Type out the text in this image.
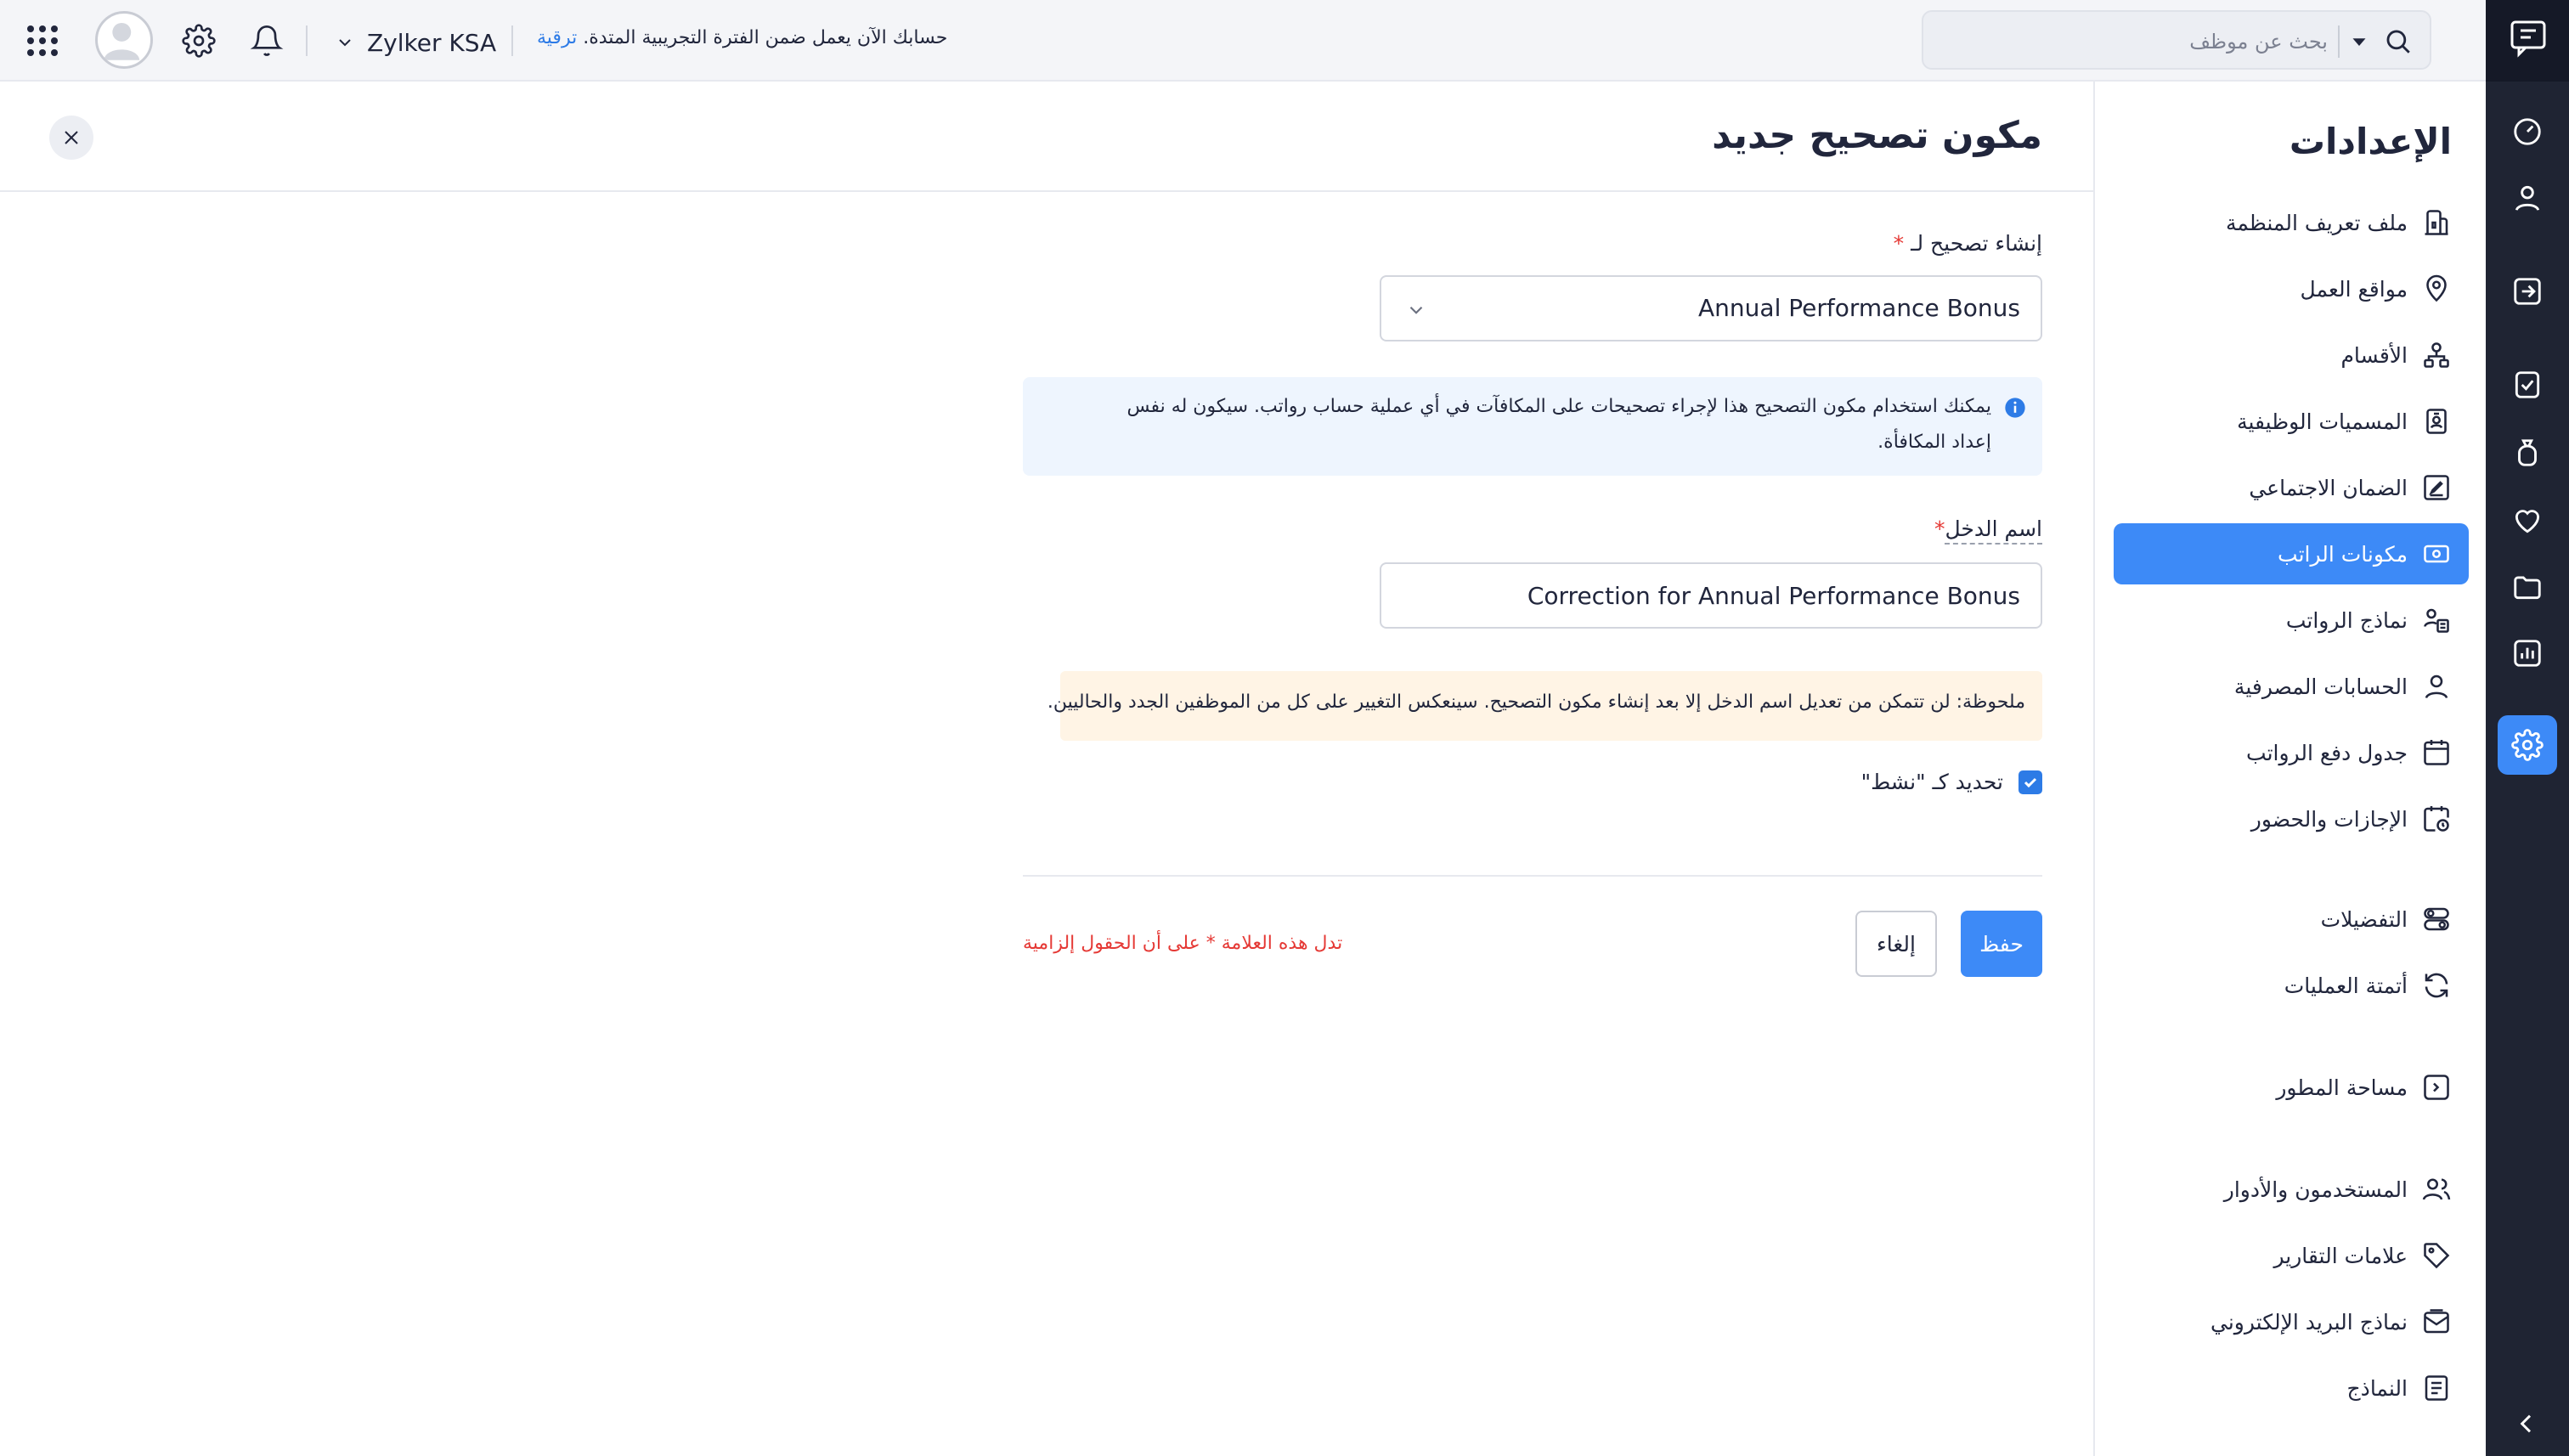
Zylker KSA	حسابك الآن يعمل ضمن الفترة التجريبية المتدة. ترقية
بحث عن موظف
الإعدادات
ملف تعريف المنظمة
مواقع العمل
الأقسام
المسميات الوظيفية
الضمان الاجتماعي
مكونات الراتب
نماذج الرواتب
الحسابات المصرفية
جدول دفع الرواتب
الإجازات والحضور
التفضيلات
أتمتة العمليات
مساحة المطور
المستخدمون والأدوار
علامات التقارير
نماذج البريد الإلكتروني
النماذج
مكون تصحيح جديد
إنشاء تصحيح لـ *
Annual Performance Bonus
يمكنك استخدام مكون التصحيح هذا لإجراء تصحيحات على المكافآت في أي عملية حساب رواتب. سيكون له نفس إعداد المكافأة.
اسم الدخل*
Correction for Annual Performance Bonus
ملحوظة: لن تتمكن من تعديل اسم الدخل إلا بعد إنشاء مكون التصحيح. سينعكس التغيير على كل من الموظفين الجدد والحاليين.
تحديد كـ "نشط"
حفظ
إلغاء
تدل هذه العلامة * على أن الحقول إلزامية
